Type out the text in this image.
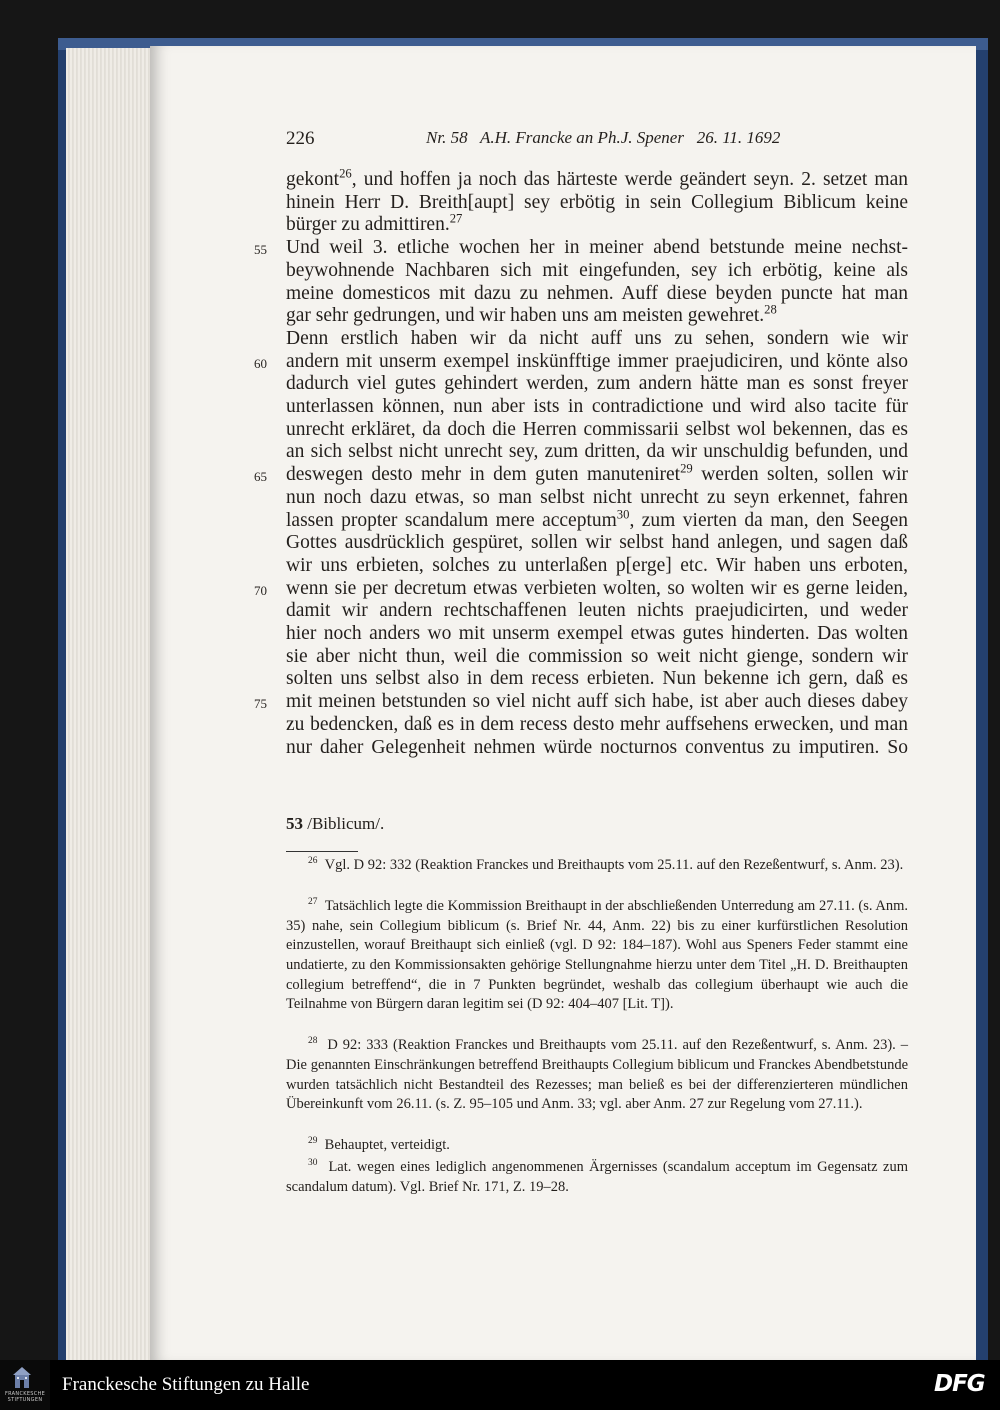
226	Nr. 58   A.H. Francke an Ph.J. Spener   26. 11. 1692
gekont$^{26}$, und hoffen ja noch das härteste werde geändert seyn. 2. setzet man
hinein Herr D. Breith[aupt] sey erbötig in sein Collegium Biblicum keine
bürger zu admittiren.$^{27}$
Und weil 3. etliche wochen her in meiner abend betstunde meine nechst-
55
beywohnende Nachbaren sich mit eingefunden, sey ich erbötig, keine als
meine domesticos mit dazu zu nehmen. Auff diese beyden puncte hat man
gar sehr gedrungen, und wir haben uns am meisten gewehret.$^{28}$
Denn erstlich haben wir da nicht auff uns zu sehen, sondern wie wir
andern mit unserm exempel inskünfftige immer praejudiciren, und könte also
60
dadurch viel gutes gehindert werden, zum andern hätte man es sonst freyer
unterlassen können, nun aber ists in contradictione und wird also tacite für
unrecht erkläret, da doch die Herren commissarii selbst wol bekennen, das es
an sich selbst nicht unrecht sey, zum dritten, da wir unschuldig befunden, und
deswegen desto mehr in dem guten manuteniret$^{29}$ werden solten, sollen wir
65
nun noch dazu etwas, so man selbst nicht unrecht zu seyn erkennet, fahren
lassen propter scandalum mere acceptum$^{30}$, zum vierten da man, den Seegen
Gottes ausdrücklich gespüret, sollen wir selbst hand anlegen, und sagen daß
wir uns erbieten, solches zu unterlaßen p[erge] etc. Wir haben uns erboten,
wenn sie per decretum etwas verbieten wolten, so wolten wir es gerne leiden,
70
damit wir andern rechtschaffenen leuten nichts praejudicirten, und weder
hier noch anders wo mit unserm exempel etwas gutes hinderten. Das wolten
sie aber nicht thun, weil die commission so weit nicht gienge, sondern wir
solten uns selbst also in dem recess erbieten. Nun bekenne ich gern, daß es
mit meinen betstunden so viel nicht auff sich habe, ist aber auch dieses dabey
75
zu bedencken, daß es in dem recess desto mehr auffsehens erwecken, und man
nur daher Gelegenheit nehmen würde nocturnos conventus zu imputiren. So
53 /Biblicum/.
$^{26}$ Vgl. D 92: 332 (Reaktion Franckes und Breithaupts vom 25.11. auf den Rezeßentwurf, s. Anm. 23).
$^{27}$ Tatsächlich legte die Kommission Breithaupt in der abschließenden Unterredung am 27.11. (s. Anm. 35) nahe, sein Collegium biblicum (s. Brief Nr. 44, Anm. 22) bis zu einer kurfürstlichen Resolution einzustellen, worauf Breithaupt sich einließ (vgl. D 92: 184–187). Wohl aus Speners Feder stammt eine undatierte, zu den Kommissionsakten gehörige Stellungnahme hierzu unter dem Titel „H. D. Breithaupten collegium betreffend“, die in 7 Punkten begründet, weshalb das collegium überhaupt wie auch die Teilnahme von Bürgern daran legitim sei (D 92: 404–407 [Lit. T]).
$^{28}$ D 92: 333 (Reaktion Franckes und Breithaupts vom 25.11. auf den Rezeßentwurf, s. Anm. 23). – Die genannten Einschränkungen betreffend Breithaupts Collegium biblicum und Franckes Abendbetstunde wurden tatsächlich nicht Bestandteil des Rezesses; man beließ es bei der differenzierteren mündlichen Übereinkunft vom 26.11. (s. Z. 95–105 und Anm. 33; vgl. aber Anm. 27 zur Regelung vom 27.11.).
$^{29}$ Behauptet, verteidigt.
$^{30}$ Lat. wegen eines lediglich angenommenen Ärgernisses (scandalum acceptum im Gegensatz zum scandalum datum). Vgl. Brief Nr. 171, Z. 19–28.
FRANCKESCHE STIFTUNGEN
Franckesche Stiftungen zu Halle	DFG
